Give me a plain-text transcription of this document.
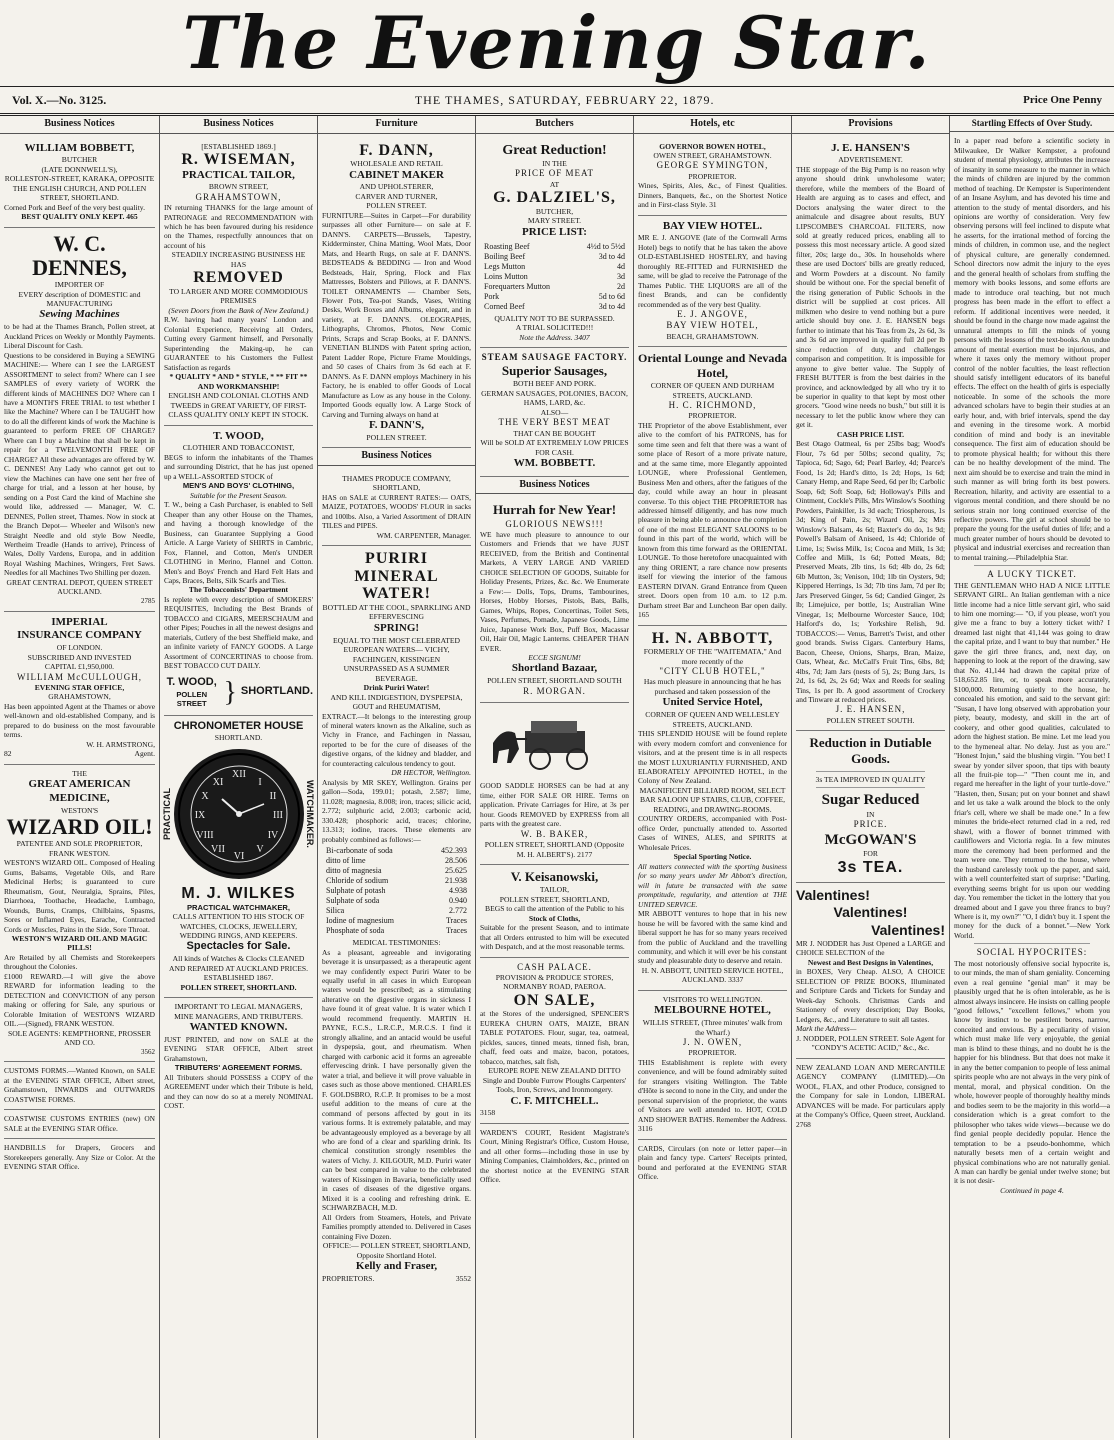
The Evening Star.
Vol. X.—No. 3125.	THE THAMES, SATURDAY, FEBRUARY 22, 1879.	Price One Penny
Business Notices
WILLIAM BOBBETT,
BUTCHER
(LATE DONNWELL'S),
ROLLESTON-STREET, KARAKA, OPPOSITE THE ENGLISH CHURCH, AND POLLEN STREET, SHORTLAND.
Corned Pork and Beef of the very best quality.
BEST QUALITY ONLY KEPT. 465
W. C. DENNES,
IMPORTER OF
EVERY description of DOMESTIC and MANUFACTURING
Sewing Machines
to be had at the Thames Branch, Pollen street, at Auckland Prices on Weekly or Monthly Payments. Liberal Discount for Cash.
Questions to be considered in Buying a SEWING MACHINE:— Where can I see the LARGEST ASSORTMENT to select from? Where can I see SAMPLES of every variety of WORK the different kinds of MACHINES DO? Where can I have a MONTH'S FREE TRIAL to test whether I like the Machine? Where can I be TAUGHT how to do all the different kinds of work the Machine is guaranteed to perform FREE OF CHARGE? Where can I buy a Machine that shall be kept in repair for a TWELVEMONTH FREE OF CHARGE? All these advantages are offered by W. C. DENNES! Any Lady who cannot get out to view the Machines can have one sent her free of charge for trial, and a lesson at her house, by sending on a Post Card the kind of Machine she would like, addressed — Manager, W. C. DENNES, Pollen street, Thames. Now in stock at the Branch Depot— Wheeler and Wilson's new Straight Needle and old style Bow Needle, Wertheim Treadle (Hands to arrive), Princess of Wales, Dolly Vardens, Europa, and in addition Royal Washing Machines, Wringers, Fret Saws. Needles for all Machines Two Shilling per dozen.
GREAT CENTRAL DEPOT, QUEEN STREET AUCKLAND.
2785
IMPERIAL
INSURANCE COMPANY
OF LONDON.
SUBSCRIBED AND INVESTED
CAPITAL £1,950,000.
WILLIAM McCULLOUGH,
EVENING STAR OFFICE,
GRAHAMSTOWN,
Has been appointed Agent at the Thames or above well-known and old-established Company, and is prepared to do business on the most favourable terms.
W. H. ARMSTRONG,
82	Agent.
THE
GREAT AMERICAN MEDICINE,
WESTON'S
WIZARD OIL!
PATENTEE AND SOLE PROPRIETOR, FRANK WESTON.
WESTON'S WIZARD OIL. Composed of Healing Gums, Balsams, Vegetable Oils, and Rare Medicinal Herbs; is guaranteed to cure Rheumatism, Gout, Neuralgia, Sprains, Piles, Diarrhoea, Toothache, Headache, Lumbago, Wounds, Burns, Cramps, Chilblains, Spasms, Sores or Inflamed Eyes, Earache, Contracted Cords or Muscles, Pains in the Side, Sore Throat.
WESTON'S WIZARD OIL AND MAGIC PILLS!
Are Retailed by all Chemists and Storekeepers throughout the Colonies.
£1000 REWARD.—I will give the above REWARD for information leading to the DETECTION and CONVICTION of any person making or offering for Sale, any spurious or Colorable Imitation of WESTON'S WIZARD OIL.—(Signed), FRANK WESTON.
SOLE AGENTS: KEMPTHORNE, PROSSER AND CO.
3562
CUSTOMS FORMS.—Wanted Known, on SALE at the EVENING STAR OFFICE, Albert street, Grahamstown, INWARDS and OUTWARDS COASTWISE FORMS.
COASTWISE CUSTOMS ENTRIES (new) ON SALE at the EVENING STAR Office.
HANDBILLS for Drapers, Grocers and Storekeepers generally. Any Size or Color. At the EVENING STAR Office.
Business Notices
[ESTABLISHED 1869.]
R. WISEMAN,
PRACTICAL TAILOR,
BROWN STREET,
GRAHAMSTOWN,
IN returning THANKS for the large amount of PATRONAGE and RECOMMENDATION with which he has been favoured during his residence on the Thames, respectfully announces that on account of his
STEADILY INCREASING BUSINESS HE HAS
REMOVED
TO LARGER AND MORE COMMODIOUS PREMISES
(Seven Doors from the Bank of New Zealand.)
R.W. having had many years' London and Colonial Experience, Receiving all Orders, Cutting every Garment himself, and Personally Superintending the Making-up, he can GUARANTEE to his Customers the Fullest Satisfaction as regards
* QUALITY * AND * STYLE, * ** FIT ** AND WORKMANSHIP!
ENGLISH AND COLONIAL CLOTHS AND TWEEDS in GREAT VARIETY, OF FIRST-CLASS QUALITY ONLY KEPT IN STOCK.
T. WOOD,
CLOTHIER AND TOBACCONIST,
BEGS to inform the inhabitants of the Thames and surrounding District, that he has just opened up a WELL-ASSORTED STOCK of
MEN'S AND BOYS' CLOTHING,
Suitable for the Present Season.
T. W., being a Cash Purchaser, is enabled to Sell Cheaper than any other House on the Thames, and having a thorough knowledge of the Business, can Guarantee Supplying a Good Article. A Large Variety of SHIRTS in Cambric, Fox, Flannel, and Cotton, Men's UNDER CLOTHING in Merino, Flannel and Cotton. Men's and Boys' French and Hard Felt Hats and Caps, Braces, Belts, Silk Scarfs and Ties.
The Tobacconists' Department
Is replete with every description of SMOKERS' REQUISITES, Including the Best Brands of TOBACCO and CIGARS, MEERSCHAUM and other Pipes; Pouches in all the newest designs and materials, Cutlery of the best Sheffield make, and an infinite variety of FANCY GOODS. A Large Assortment of CONCERTINAS to choose from. BEST TOBACCO CUT DAILY.
T. WOOD,
POLLEN STREET } SHORTLAND.
CHRONOMETER HOUSE
SHORTLAND.
PRACTICAL
XII
III
VI
IX
I
II
IV
V
VII
VIII
X
XI	WATCHMAKER.
M. J. WILKES
PRACTICAL WATCHMAKER,
CALLS ATTENTION TO HIS STOCK OF WATCHES, CLOCKS, JEWELLERY, WEDDING RINGS, AND KEEPERS.
Spectacles for Sale.
All kinds of Watches & Clocks CLEANED AND REPAIRED AT AUCKLAND PRICES.
ESTABLISHED 1867.
POLLEN STREET, SHORTLAND.
IMPORTANT TO LEGAL MANAGERS, MINE MANAGERS, AND TRIBUTERS.
WANTED KNOWN.
JUST PRINTED, and now on SALE at the EVENING STAR OFFICE, Albert street Grahamstown,
TRIBUTERS' AGREEMENT FORMS.
All Tributers should POSSESS a COPY of the AGREEMENT under which their Tribute is held, and they can now do so at a merely NOMINAL COST.
Furniture
F. DANN,
WHOLESALE AND RETAIL
CABINET MAKER
AND UPHOLSTERER,
CARVER AND TURNER,
POLLEN STREET.
FURNITURE—Suites in Carpet—For durability surpasses all other Furniture— on sale at F. DANN'S. CARPETS—Brussels, Tapestry, Kidderminster, China Matting, Wool Mats, Door Mats, and Hearth Rugs, on sale at F. DANN'S. BEDSTEADS & BEDDING — Iron and Wood Bedsteads, Hair, Spring, Flock and Flax Mattresses, Bolsters and Pillows, at F. DANN'S. TOILET ORNAMENTS — Chamber Sets, Flower Pots, Tea-pot Stands, Vases, Writing Desks, Work Boxes and Albums, elegant, and in variety, at F. DANN'S. OLEOGRAPHS, Lithographs, Chromos, Photos, New Comic Prints, Scraps and Scrap Books, at F. DANN'S. VENETIAN BLINDS with Patent spring action, Patent Ladder Rope, Picture Frame Mouldings, and 50 cases of Chairs from 3s 6d each at F. DANN'S. As F. DANN employs Machinery in his Factory, he is enabled to offer Goods of Local Manufacture as Low as any house in the Colony. Imported Goods equally low. A Large Stock of Carving and Turning always on hand at
F. DANN'S,
POLLEN STREET.
Business Notices
THAMES PRODUCE COMPANY, SHORTLAND,
HAS on SALE at CURRENT RATES:— OATS, MAIZE, POTATOES, WOODS' FLOUR in sacks and 100lbs. Also, a Varied Assortment of DRAIN TILES and PIPES.
WM. CARPENTER, Manager.
PURIRI MINERAL WATER!
BOTTLED AT THE COOL, SPARKLING AND EFFERVESCING
SPRING!
EQUAL TO THE MOST CELEBRATED EUROPEAN WATERS— VICHY, FACHINGEN, KISSINGEN
UNSURPASSED AS A SUMMER BEVERAGE.
Drink Puriri Water!
AND KILL INDIGESTION, DYSPEPSIA, GOUT and RHEUMATISM,
EXTRACT.—It belongs to the interesting group of mineral waters known as the Alkaline, such as Vichy in France, and Fachingen in Nassau, reported to be for the cure of diseases of the digestive organs, of the kidney and bladder, and for counteracting calculous tendency to gout.
DR HECTOR, Wellington.
Analysis by MR SKEY, Wellington. Grains per gallon—Soda, 199.01; potash, 2.587; lime, 11.028; magnesia, 8.008; iron, traces; silicic acid, 2.772; sulphuric acid, 2.003; carbonic acid, 330.428; phosphoric acid, traces; chlorine, 13.313; iodine, traces. These elements are probably combined as follows:—
Bi-carbonate of soda	452.393
ditto of lime	28.506
ditto of magnesia	25.625
Chloride of sodium	21.938
Sulphate of potash	4.938
Sulphate of soda	0.940
Silica	2.772
Iodine of magnesium	Traces
Phosphate of soda	Traces
MEDICAL TESTIMONIES:
As a pleasant, agreeable and invigorating beverage it is unsurpassed; as a therapeutic agent we may confidently expect Puriri Water to be equally useful in all cases in which European waters would be prescribed; as a stimulating alterative on the digestive organs in sickness I have found it of great value. It is water which I would recommend frequently. MARTIN H. PAYNE, F.C.S., L.R.C.P., M.R.C.S. I find it strongly alkaline, and an antacid would be useful in dyspepsia, gout, and rheumatism. When charged with carbonic acid it forms an agreeable effervescing drink. I have personally given the water a trial, and believe it will prove valuable in cases such as those above mentioned. CHARLES F. GOLDSBRO, R.C.P. It promises to be a most useful addition to the means of cure at the command of persons affected by gout in its various forms. It is extremely palatable, and may be advantageously employed as a beverage by all who are fond of a clear and sparkling drink. Its chemical constitution strongly resembles the waters of Vichy. J. KILGOUR, M.D. Puriri water can be best compared in value to the celebrated waters of Kissingen in Bavaria, beneficially used in cases of diseases of the digestive organs. Mixed it is a cooling and refreshing drink. E. SCHWARZBACH, M.D.
All Orders from Steamers, Hotels, and Private Families promptly attended to. Delivered in Cases containing Five Dozen.
OFFICE:— POLLEN STREET, SHORTLAND, Opposite Shortland Hotel.
Kelly and Fraser,
PROPRIETORS.	3552
Butchers
Great Reduction!
IN THE
PRICE OF MEAT
AT
G. DALZIEL'S,
BUTCHER,
MARY STREET.
PRICE LIST:
Roasting Beef	4½d to 5½d
Boiling Beef	3d to 4d
Legs Mutton	4d
Loins Mutton	3d
Forequarters Mutton	2d
Pork	5d to 6d
Corned Beef	3d to 4d
QUALITY NOT TO BE SURPASSED.
A TRIAL SOLICITED!!!
Note the Address. 3407
STEAM SAUSAGE FACTORY.
Superior Sausages,
BOTH BEEF AND PORK.
GERMAN SAUSAGES, POLONIES, BACON, HAMS, LARD, &c.
ALSO—
THE VERY BEST MEAT
THAT CAN BE BOUGHT
Will be SOLD AT EXTREMELY LOW PRICES FOR CASH.
WM. BOBBETT.
Business Notices
Hurrah for New Year!
GLORIOUS NEWS!!!
WE have much pleasure to announce to our Customers and Friends that we have JUST RECEIVED, from the British and Continental Markets, A VERY LARGE AND VARIED CHOICE SELECTION OF GOODS, Suitable for Holiday Presents, Prizes, &c. &c. We Enumerate a Few:— Dolls, Tops, Drums, Tambourines, Horses, Hobby Horses, Pistols, Bats, Balls, Games, Whips, Ropes, Concertinas, Toilet Sets, Vases, Perfumes, Pomade, Japanese Goods, Lime Juice, Japanese Work Box, Puff Box, Macassar Oil, Hair Oil, Magic Lanterns. CHEAPER THAN EVER.
ECCE SIGNUM!
Shortland Bazaar,
POLLEN STREET, SHORTLAND SOUTH
R. MORGAN.
GOOD SADDLE HORSES can be had at any time, either FOR SALE OR HIRE. Terms on application. Private Carriages for Hire, at 3s per hour. Goods REMOVED by EXPRESS from all parts with the greatest care.
W. B. BAKER,
POLLEN STREET, SHORTLAND (Opposite M. H. ALBERT'S). 2177
V. Keisanowski,
TAILOR,
POLLEN STREET, SHORTLAND,
BEGS to call the attention of the Public to his
Stock of Cloths,
Suitable for the present Season, and to intimate that all Orders entrusted to him will be executed with Despatch, and at the most reasonable terms.
CASH PALACE.
PROVISION & PRODUCE STORES, NORMANBY ROAD, PAEROA.
ON SALE,
at the Stores of the undersigned, SPENCER'S EUREKA CHURN OATS, MAIZE, BRAN TABLE POTATOES. Flour, sugar, tea, oatmeal, pickles, sauces, tinned meats, tinned fish, bran, chaff, feed oats and maize, bacon, potatoes, tobacco, matches, salt fish,
EUROPE ROPE NEW ZEALAND DITTO
Single and Double Furrow Ploughs Carpenters' Tools, Iron, Screws, and Ironmongery.
C. F. MITCHELL.
3158
WARDEN'S COURT, Resident Magistrate's Court, Mining Registrar's Office, Custom House, and all other forms—including those in use by Mining Companies, Claimholders, &c., printed on the shortest notice at the EVENING STAR Office.
Hotels, etc
GOVERNOR BOWEN HOTEL,
OWEN STREET, GRAHAMSTOWN.
GEORGE SYMINGTON,
PROPRIETOR.
Wines, Spirits, Ales, &c., of Finest Qualities. Dinners, Banquets, &c., on the Shortest Notice and in First-class Style. 31
BAY VIEW HOTEL.
MR E. J. ANGOVE (late of the Cornwall Arms Hotel) begs to notify that he has taken the above OLD-ESTABLISHED HOSTELRY, and having thoroughly RE-FITTED and FURNISHED the same, will be glad to receive the Patronage of the Thames Public. THE LIQUORS are all of the finest Brands, and can be confidently recommended as of the very best Quality.
E. J. ANGOVE,
BAY VIEW HOTEL,
BEACH, GRAHAMSTOWN.
Oriental Lounge and Nevada Hotel,
CORNER OF QUEEN AND DURHAM STREETS, AUCKLAND.
H. C. RICHMOND,
PROPRIETOR.
THE Proprietor of the above Establishment, ever alive to the comfort of his PATRONS, has for some time seen and felt that there was a want of some place of Resort of a more private nature, and at the same time, more Elegantly appointed LOUNGE, where Professional Gentlemen, Business Men and others, after the fatigues of the day, could while away an hour in pleasant converse. To this object THE PROPRIETOR has addressed himself diligently, and has now much pleasure in being able to announce the completion of one of the most ELEGANT SALOONS to be found in this part of the world, which will be known from this time forward as the ORIENTAL LOUNGE. To those heretofore unacquainted with any thing ORIENT, a rare chance now presents itself for viewing the interior of the famous EASTERN DIVAN. Grand Entrance from Queen street. Doors open from 10 a.m. to 12 p.m. Durham street Bar and Luncheon Bar open daily. 165
H. N. ABBOTT,
FORMERLY OF THE "WAITEMATA," And more recently of the
"CITY CLUB HOTEL,"
Has much pleasure in announcing that he has purchased and taken possession of the
United Service Hotel,
CORNER OF QUEEN AND WELLESLEY STREETS, AUCKLAND.
THIS SPLENDID HOUSE will be found replete with every modern comfort and convenience for visitors, and at the present time is in all respects the MOST LUXURIANTLY FURNISHED, AND ELABORATELY APPOINTED HOTEL, in the Colony of New Zealand.
MAGNIFICENT BILLIARD ROOM, SELECT BAR SALOON UP STAIRS, CLUB, COFFEE, READING, and DRAWING-ROOMS.
COUNTRY ORDERS, accompanied with Post-office Order, punctually attended to. Assorted Cases of WINES, ALES, and SPIRITS at Wholesale Prices.
Special Sporting Notice.
All matters connected with the sporting business for so many years under Mr Abbott's direction, will in future be transacted with the same promptitude, regularity, and attention at THE UNITED SERVICE.
MR ABBOTT ventures to hope that in his new house he will be favored with the same kind and liberal support he has for so many years received from the public of Auckland and the travelling community, and which it will ever be his constant study and pleasurable duty to deserve and retain.
H. N. ABBOTT, UNITED SERVICE HOTEL, AUCKLAND. 3337
VISITORS TO WELLINGTON.
MELBOURNE HOTEL,
WILLIS STREET, (Three minutes' walk from the Wharf.)
J. N. OWEN,
PROPRIETOR.
THIS Establishment is replete with every convenience, and will be found admirably suited for strangers visiting Wellington. The Table d'Hôte is second to none in the City, and under the personal supervision of the proprietor, the wants of Visitors are well attended to. HOT, COLD AND SHOWER BATHS. Remember the Address. 3116
CARDS, Circulars (on note or letter paper—in plain and fancy type. Carters' Receipts printed, bound and perforated at the EVENING STAR Office.
Provisions
J. E. HANSEN'S
ADVERTISEMENT.
THE stoppage of the Big Pump is no reason why anyone should drink unwholesome water; therefore, while the members of the Board of Health are arguing as to cases and effect, and Doctors analysing the water direct to the animalcule and disagree about results, BUY LIPSCOMBE'S CHARCOAL FILTERS, now sold at greatly reduced prices, enabling all to possess this most necessary article. A good sized filter, 20s; large do., 30s. In households where these are used Doctors' bills are greatly reduced, and Worm Powders at a discount. No family should be without one. For the special benefit of the rising generation of Public Schools in the district will be supplied at cost prices. All milkmen who desire to vend nothing but a pure article should buy one. J. E. HANSEN begs further to intimate that his Teas from 2s, 2s 6d, 3s and 3s 6d are improved in quality full 2d per lb since reduction of duty, and challenges comparison and competition. It is impossible for anyone to give better value. The Supply of FRESH BUTTER is from the best dairies in the province, and acknowledged by all who try it to be superior in quality to that kept by most other grocers. "Good wine needs no bush," but still it is necessary to let the public know where they can get it.
CASH PRICE LIST.
Best Otago Oatmeal, 6s per 25lbs bag; Wood's Flour, 7s 6d per 50lbs; second quality, 7s; Tapioca, 6d; Sago, 6d; Pearl Barley, 4d; Pearce's Food, 1s 2d; Hard's ditto, 1s 2d; Hops, 1s 6d; Canary Hemp, and Rape Seed, 6d per lb; Carbolic Soap, 6d; Soft Soap, 6d; Holloway's Pills and Ointment, Cockle's Pills, Mrs Winslow's Soothing Powders, Painkiller, 1s 3d each; Triospherous, 1s 3d; King of Pain, 2s; Wizard Oil, 2s; Mrs Winslow's Balsam, 4s 6d; Baxter's do do, 1s 9d; Powell's Balsam of Aniseed, 1s 4d; Chloride of Lime, 1s; Swiss Milk, 1s; Cocoa and Milk, 1s 3d; Coffee and Milk, 1s 6d; Potted Meats, 8d; Preserved Meats, 2lb tins, 1s 6d; 4lb do, 2s 6d; 6lb Mutton, 3s; Venison, 10d; 1lb tin Oysters, 9d; Kippered Herrings, 1s 3d; 7lb tins Jam, 7d per lb; Jars Preserved Ginger, 5s 6d; Candied Ginger, 2s lb; Limejuice, per bottle, 1s; Australian Wine Vinegar, 1s; Melbourne Worcester Sauce, 10d; Halford's do, 1s; Yorkshire Relish, 9d. TOBACCOS:— Venus, Barrett's Twist, and other good brands. Swiss Cigars. Canterbury Hams, Bacon, Cheese, Onions, Sharps, Bran, Maize, Oats, Wheat, &c. McCall's Fruit Tins, 6lbs, 8d; 4lbs, 7d; Jam Jars (nests of 5), 2s; Bung Jars, 1s 2d, 1s 6d, 2s, 2s 6d; Wax and Reeds for sealing Tins, 1s per lb. A good assortment of Crockery and Tinware at reduced prices.
J. E. HANSEN,
POLLEN STREET SOUTH.
Reduction in Dutiable
Goods.
3s TEA IMPROVED IN QUALITY
Sugar Reduced
IN
PRICE.
McGOWAN'S
FOR
3s TEA.
Valentines!
Valentines!
Valentines!
MR J. NODDER has Just Opened a LARGE and CHOICE SELECTION of the
Newest and Best Designs in Valentines,
in BOXES, Very Cheap. ALSO, A CHOICE SELECTION OF PRIZE BOOKS, Illuminated and Scripture Cards and Tickets for Sunday and Week-day Schools. Christmas Cards and Stationery of every description; Day Books, Ledgers, &c., and Literature to suit all tastes.
Mark the Address—
J. NODDER, POLLEN STREET. Sole Agent for "CONDY'S ACETIC ACID," &c., &c.
NEW ZEALAND LOAN AND MERCANTILE AGENCY COMPANY (LIMITED).—On WOOL, FLAX, and other Produce, consigned to the Company for sale in London, LIBERAL ADVANCES will be made. For particulars apply at the Company's Office, Queen street, Auckland. 2768
Startling Effects of Over Study.
In a paper read before a scientific society in Milwaukee, Dr Walker Kempster, a profound student of mental physiology, attributes the increase of insanity in some measure to the manner in which the minds of children are injured by the common method of teaching. Dr Kempster is Superintendent of an Insane Asylum, and has devoted his time and attention to the study of mental disorders, and his opinions are worthy of consideration. Very few observing persons will feel inclined to dispute what he asserts, for the irrational method of forcing the minds of children, in common use, and the neglect of physical culture, are generally condemned. School directors now admit the injury to the eyes and the general health of scholars from stuffing the memory with books lessons, and some efforts are made to introduce oral teaching, but not much progress has been made in the effort to effect a reform. If additional incentives were needed, it should be found in the charge now made against the unnatural attempts to fill the minds of young persons with the lessons of the text-books. An undue amount of mental exertion must be injurious, and where it taxes only the memory without proper control of the nobler faculties, the least reflection should satisfy intelligent educators of its baneful effects. The effect on the health of girls is especially noticeable. In some of the schools the more advanced scholars have to begin their studies at an early hour, and, with brief intervals, spend the day and evening in the tiresome work. A morbid condition of mind and body is an inevitable consequence. The first aim of education should be to promote physical health; for without this there can be no healthy development of the mind. The next aim should be to exercise and train the mind in such manner as will bring forth its best powers. Recreation, hilarity, and activity are essential to a vigorous mental condition, and there should be no serious strain nor long continued exercise of the reflective powers. The girl at school should be to prepare the young for the useful duties of life; and a much greater number of hours should be devoted to physical and industrial exercises and recreation than to mental training.—Philadelphia Star.
A LUCKY TICKET.
THE GENTLEMAN WHO HAD A NICE LITTLE SERVANT GIRL. An Italian gentleman with a nice little income had a nice little servant girl, who said to him one morning:— "O, if you please, won't you give me a franc to buy a lottery ticket with? I dreamed last night that 41,144 was going to draw the capital prize, and I want to buy that number." He gave the girl three francs, and, next day, on happening to look at the report of the drawing, saw that No. 41,144 had drawn the capital prize of 518,652.85 lire, or, to speak more accurately, $100,000. Returning quietly to the house, he concealed his emotion, and said to the servant girl: "Susan, I have long observed with approbation your piety, beauty, modesty, and skill in the art of cookery, and other good qualities, calculated to adorn the highest station. Be mine. Let me lead you to the hymeneal altar. No delay. Just as you are." "Honest Injun," said the blushing virgin. "You bet! I swear by yonder silver spoon, that tips with beauty all the fruit-pie top—" "Then count me in, and regard me hereafter in the light of your turtle-dove." "Hasten, then, Susan; put on your bonnet and shawl and let us take a walk around the block to the only friar's cell, where we shall be made one." In a few minutes the bride-elect returned clad in a red, red shawl, with a flower of bonnet trimmed with cauliflowers and Victoria regia. In a few minutes more the ceremony had been performed and the team were one. They returned to the house, where the husband carelessly took up the paper, and said, with a well counterfeited start of surprise: "Darling, everything seems bright for us upon our wedding day. You remember the ticket in the lottery that you dreamed about and I gave you three francs to buy? Where is it, my own?" "O, I didn't buy it. I spent the money for the duck of a bonnet."—New York World.
SOCIAL HYPOCRITES:
The most notoriously offensive social hypocrite is, to our minds, the man of sham geniality. Concerning even a real genuine "genial man" it may be plausibly urged that he is often intolerable, as he is almost always insincere. He insists on calling people "good fellows," "excellent fellows," whom you know by instinct to be pestilent bores, narrow, conceited and envious. By a peculiarity of vision which must make life very enjoyable, the genial man is blind to these things, and no doubt he is the happier for his blindness. But that does not make it in any the better companion to people of less animal spirits people who are not always in the very pink of mental, moral, and physical condition. On the whole, however people of thoroughly healthy minds and bodies seem to be the majority in this world—a consideration which is a great comfort to the philosopher who takes wide views—because we do find genial people decidedly popular. Hence the temptation to be a pseudo-bonhomme, which naturally besets men of a certain weight and physical combinations who are not naturally genial. A man can hardly be genial under twelve stone; but it is not desir-
Continued in page 4.
